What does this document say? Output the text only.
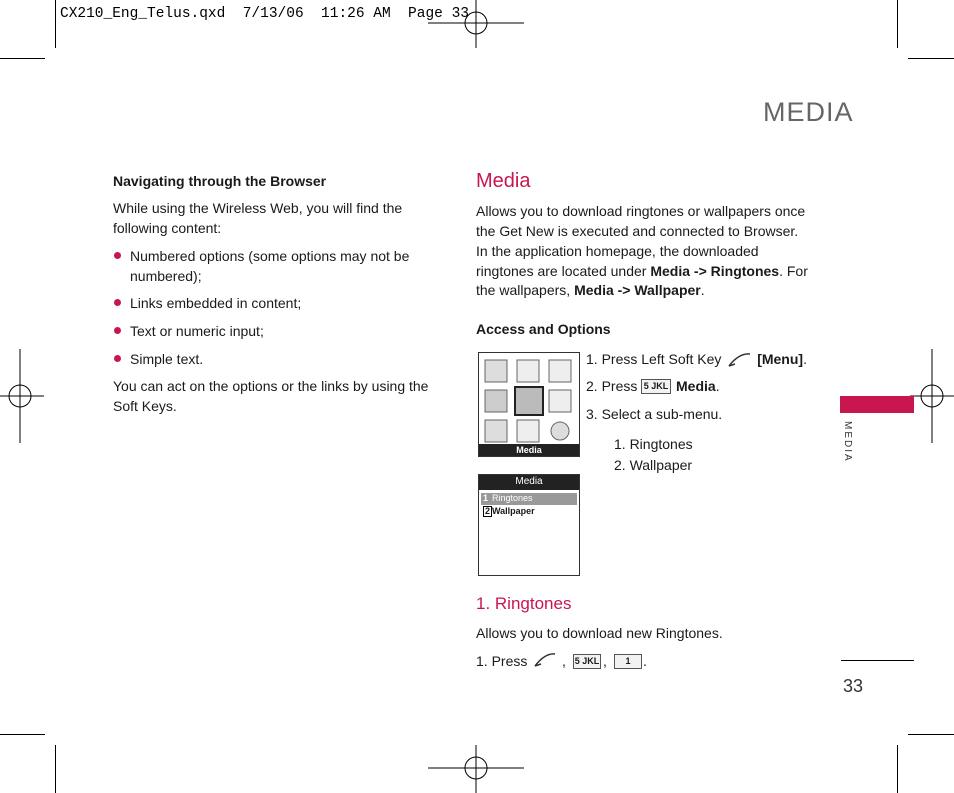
CX210_Eng_Telus.qxd  7/13/06  11:26 AM  Page 33
MEDIA
Navigating through the Browser
While using the Wireless Web, you will find the
following content:
Numbered options (some options may not be
numbered);
Links embedded in content;
Text or numeric input;
Simple text.
You can act on the options or the links by using the
Soft Keys.
Media
Allows you to download ringtones or wallpapers once
the Get New is executed and connected to Browser.
In the application homepage, the downloaded
ringtones are located under Media -> Ringtones. For
the wallpapers, Media -> Wallpaper.
Access and Options
Media
Media
1 Ringtones
2 Wallpaper
1. Press Left Soft Key	[Menu].
2. Press 5 JKL Media.
3. Select a sub-menu.
1. Ringtones
2. Wallpaper
1. Ringtones
Allows you to download new Ringtones.
1. Press , 5 JKL ,	1 .
MEDIA
33
